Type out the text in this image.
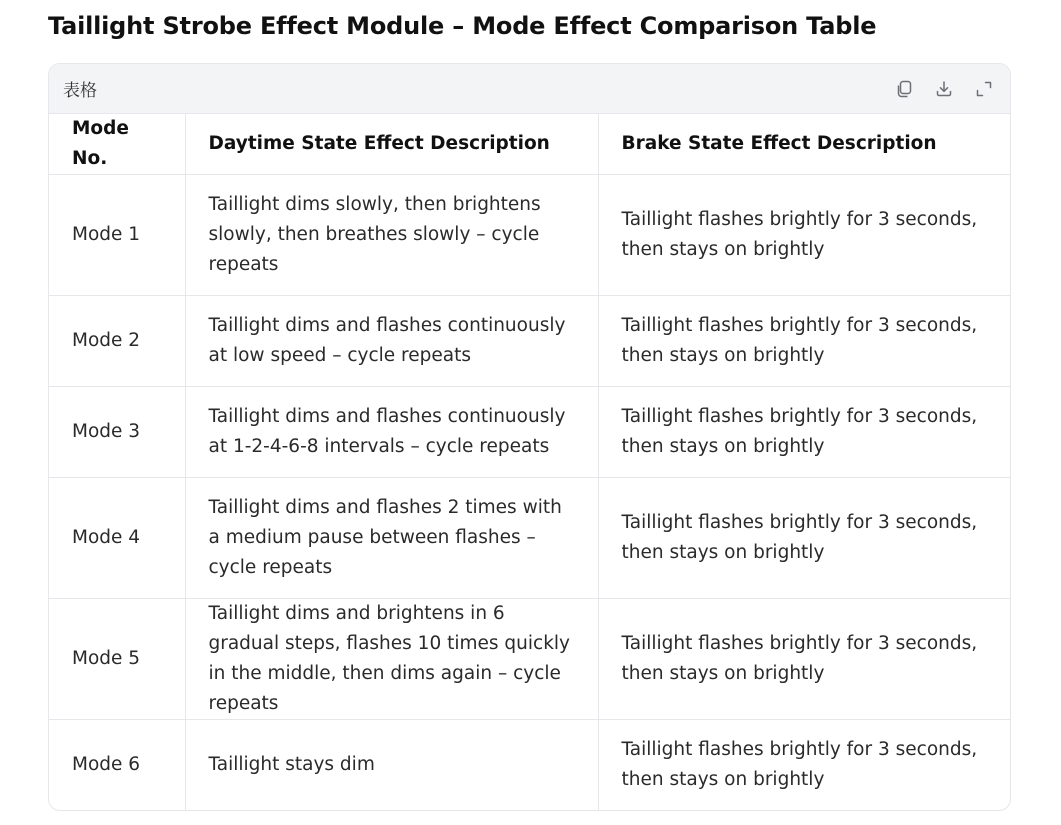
Taillight Strobe Effect Module – Mode Effect Comparison Table
表格
Mode No.	Daytime State Effect Description	Brake State Effect Description
Mode 1	Taillight dims slowly, then brightens slowly, then breathes slowly – cycle repeats	Taillight flashes brightly for 3 seconds, then stays on brightly
Mode 2	Taillight dims and flashes continuously at low speed – cycle repeats	Taillight flashes brightly for 3 seconds, then stays on brightly
Mode 3	Taillight dims and flashes continuously at 1-2-4-6-8 intervals – cycle repeats	Taillight flashes brightly for 3 seconds, then stays on brightly
Mode 4	Taillight dims and flashes 2 times with a medium pause between flashes – cycle repeats	Taillight flashes brightly for 3 seconds, then stays on brightly
Mode 5	Taillight dims and brightens in 6 gradual steps, flashes 10 times quickly in the middle, then dims again – cycle repeats	Taillight flashes brightly for 3 seconds, then stays on brightly
Mode 6	Taillight stays dim	Taillight flashes brightly for 3 seconds, then stays on brightly
